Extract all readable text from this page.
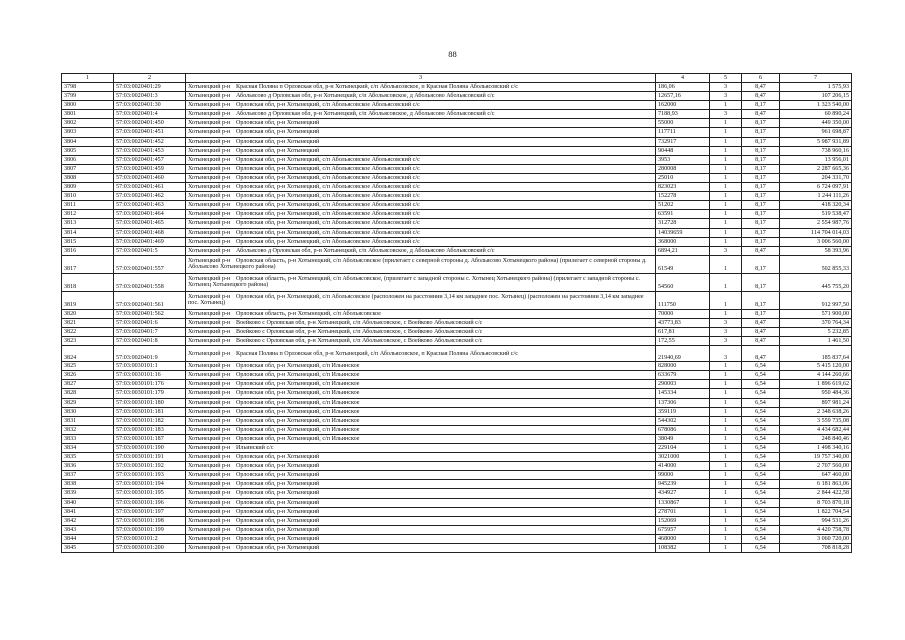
88
1	2	3	4	5	6	7
3798	57:03:0020401:29	Хотынецкий р-н Красная Поляна п Орловская обл, р-н Хотынецкий, с/п Абольясовское, п Красная Поляна Абольясовский с/с	186,06	3	8,47	1 575,93
3799	57:03:0020401:3	Хотынецкий р-н Абольясово д Орловская обл, р-н Хотынецкий, с/п Абольясовское, д Абольясово Абольясовский с/с	12657,16	3	8,47	107 206,15
3800	57:03:0020401:30	Хотынецкий р-н Орловская обл, р-н Хотынецкий, с/п Абольясовское Абольясовский с/с	162000	1	8,17	1 323 540,00
3801	57:03:0020401:4	Хотынецкий р-н Абольясово д Орловская обл, р-н Хотынецкий, с/п Абольясовское, д Абольясово Абольясовский с/с	7188,93	3	8,47	60 890,24
3802	57:03:0020401:450	Хотынецкий р-н Орловская обл, р-н Хотынецкий	55000	1	8,17	449 350,00
3803	57:03:0020401:451	Хотынецкий р-н Орловская обл, р-н Хотынецкий	117711	1	8,17	961 698,87
3804	57:03:0020401:452	Хотынецкий р-н Орловская обл, р-н Хотынецкий	732917	1	8,17	5 987 931,89
3805	57:03:0020401:453	Хотынецкий р-н Орловская обл, р-н Хотынецкий	90448	1	8,17	738 960,16
3806	57:03:0020401:457	Хотынецкий р-н Орловская обл, р-н Хотынецкий, с/п Абольясовское Абольясовский с/с	3953	1	8,17	13 956,01
3807	57:03:0020401:459	Хотынецкий р-н Орловская обл, р-н Хотынецкий, с/п Абольясовское Абольясовский с/с	280008	1	8,17	2 287 665,36
3808	57:03:0020401:460	Хотынецкий р-н Орловская обл, р-н Хотынецкий, с/п Абольясовское Абольясовский с/с	25010	1	8,17	204 331,70
3809	57:03:0020401:461	Хотынецкий р-н Орловская обл, р-н Хотынецкий, с/п Абольясовское Абольясовский с/с	823023	1	8,17	6 724 097,91
3810	57:03:0020401:462	Хотынецкий р-н Орловская обл, р-н Хотынецкий, с/п Абольясовское Абольясовский с/с	152278	1	8,17	1 244 111,26
3811	57:03:0020401:463	Хотынецкий р-н Орловская обл, р-н Хотынецкий, с/п Абольясовское Абольясовский с/с	51202	1	8,17	418 320,34
3812	57:03:0020401:464	Хотынецкий р-н Орловская обл, р-н Хотынецкий, с/п Абольясовское Абольясовский с/с	63591	1	8,17	519 538,47
3813	57:03:0020401:465	Хотынецкий р-н Орловская обл, р-н Хотынецкий, с/п Абольясовское Абольясовский с/с	312728	1	8,17	2 554 987,76
3814	57:03:0020401:468	Хотынецкий р-н Орловская обл, р-н Хотынецкий, с/п Абольясовское Абольясовский с/с	14039659	1	8,17	114 704 014,03
3815	57:03:0020401:469	Хотынецкий р-н Орловская обл, р-н Хотынецкий, с/п Абольясовское Абольясовский с/с	368000	1	8,17	3 006 560,00
3816	57:03:0020401:5	Хотынецкий р-н Абольясово д Орловская обл, р-н Хотынецкий, с/п Абольясовское, д Абольясово Абольясовский с/с	6894,21	3	8,47	58 393,96
3817	57:03:0020401:557	Хотынецкий р-н Орловская область, р-н Хотынецкий, с/п Абольясовское (прилегает с северной стороны д. Абольясово Хотынецкого района) (прилегает с северной стороны д. Абольясово Хотынецкого района)	61549	1	8,17	502 855,33
3818	57:03:0020401:558	Хотынецкий р-н Орловская область, р-н Хотынецкий, с/п Абольясовское, (прилегает с западной стороны с. Хотынец Хотынецкого района) (прилегает с западной стороны с. Хотынец Хотынецкого района)	54560	1	8,17	445 755,20
3819	57:03:0020401:561	Хотынецкий р-н Орловская обл, р-н Хотынецкий, с/п Абольясовское (расположен на расстоянии 3,14 км западнее пос. Хотынец) (расположен на расстоянии 3,14 км западнее пос. Хотынец)	111750	1	8,17	912 997,50
3820	57:03:0020401:562	Хотынецкий р-н Орловская область, р-н Хотынецкий, с/п Абольясовское	70000	1	8,17	571 900,00
3821	57:03:0020401:6	Хотынецкий р-н Воейково с Орловская обл, р-н Хотынецкий, с/п Абольясовское, с Воейково Абольясовский с/с	43773,83	3	8,47	370 764,34
3822	57:03:0020401:7	Хотынецкий р-н Воейково с Орловская обл, р-н Хотынецкий, с/п Абольясовское, с Воейково Абольясовский с/с	617,81	3	8,47	5 232,85
3823	57:03:0020401:8	Хотынецкий р-н Воейково с Орловская обл, р-н Хотынецкий, с/п Абольясовское, с Воейково Абольясовский с/с	172,55	3	8,47	1 461,50
3824	57:03:0020401:9	Хотынецкий р-н Красная Поляна п Орловская обл, р-н Хотынецкий, с/п Абольясовское, п Красная Поляна Абольясовский с/с	21940,69	3	8,47	185 837,64
3825	57:03:0030101:1	Хотынецкий р-н Орловская обл, р-н Хотынецкий, с/п Ильинское	828000	1	6,54	5 415 120,00
3826	57:03:0030101:16	Хотынецкий р-н Орловская обл, р-н Хотынецкий, с/п Ильинское	633679	1	6,54	4 144 260,66
3827	57:03:0030101:176	Хотынецкий р-н Орловская обл, р-н Хотынецкий, с/п Ильинское	290003	1	6,54	1 896 619,62
3828	57:03:0030101:179	Хотынецкий р-н Орловская обл, р-н Хотынецкий, с/п Ильинское	145334	1	6,54	950 484,36
3829	57:03:0030101:180	Хотынецкий р-н Орловская обл, р-н Хотынецкий, с/п Ильинское	137306	1	6,54	897 981,24
3830	57:03:0030101:181	Хотынецкий р-н Орловская обл, р-н Хотынецкий, с/п Ильинское	359119	1	6,54	2 348 638,26
3831	57:03:0030101:182	Хотынецкий р-н Орловская обл, р-н Хотынецкий, с/п Ильинское	544302	1	6,54	3 559 735,08
3832	57:03:0030101:183	Хотынецкий р-н Орловская обл, р-н Хотынецкий, с/п Ильинское	678086	1	6,54	4 434 682,44
3833	57:03:0030101:187	Хотынецкий р-н Орловская обл, р-н Хотынецкий, с/п Ильинское	38049	1	6,54	248 840,46
3834	57:03:0030101:190	Хотынецкий р-н Ильинский с/с	229104	1	6,54	1 498 340,16
3835	57:03:0030101:191	Хотынецкий р-н Орловская обл, р-н Хотынецкий	3021000	1	6,54	19 757 340,00
3836	57:03:0030101:192	Хотынецкий р-н Орловская обл, р-н Хотынецкий	414000	1	6,54	2 707 560,00
3837	57:03:0030101:193	Хотынецкий р-н Орловская обл, р-н Хотынецкий	99000	1	6,54	647 460,00
3838	57:03:0030101:194	Хотынецкий р-н Орловская обл, р-н Хотынецкий	945239	1	6,54	6 181 863,06
3839	57:03:0030101:195	Хотынецкий р-н Орловская обл, р-н Хотынецкий	434927	1	6,54	2 844 422,58
3840	57:03:0030101:196	Хотынецкий р-н Орловская обл, р-н Хотынецкий	1330867	1	6,54	8 703 870,18
3841	57:03:0030101:197	Хотынецкий р-н Орловская обл, р-н Хотынецкий	278701	1	6,54	1 822 704,54
3842	57:03:0030101:198	Хотынецкий р-н Орловская обл, р-н Хотынецкий	152069	1	6,54	994 531,26
3843	57:03:0030101:199	Хотынецкий р-н Орловская обл, р-н Хотынецкий	675957	1	6,54	4 420 758,78
3844	57:03:0030101:2	Хотынецкий р-н Орловская обл, р-н Хотынецкий	468000	1	6,54	3 060 720,00
3845	57:03:0030101:200	Хотынецкий р-н Орловская обл, р-н Хотынецкий	108382	1	6,54	708 818,28
